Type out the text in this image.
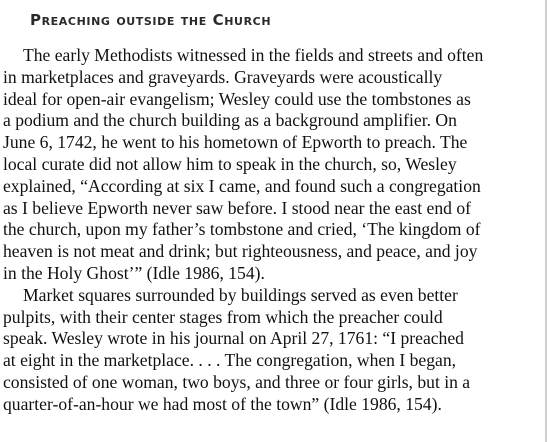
Preaching outside the Church
The early Methodists witnessed in the fields and streets and often
in marketplaces and graveyards. Graveyards were acoustically
ideal for open-air evangelism; Wesley could use the tombstones as
a podium and the church building as a background amplifier. On
June 6, 1742, he went to his hometown of Epworth to preach. The
local curate did not allow him to speak in the church, so, Wesley
explained, “According at six I came, and found such a congregation
as I believe Epworth never saw before. I stood near the east end of
the church, upon my father’s tombstone and cried, ‘The kingdom of
heaven is not meat and drink; but righteousness, and peace, and joy
in the Holy Ghost’” (Idle 1986, 154).
Market squares surrounded by buildings served as even better
pulpits, with their center stages from which the preacher could
speak. Wesley wrote in his journal on April 27, 1761: “I preached
at eight in the marketplace. . . . The congregation, when I began,
consisted of one woman, two boys, and three or four girls, but in a
quarter-of-an-hour we had most of the town” (Idle 1986, 154).
